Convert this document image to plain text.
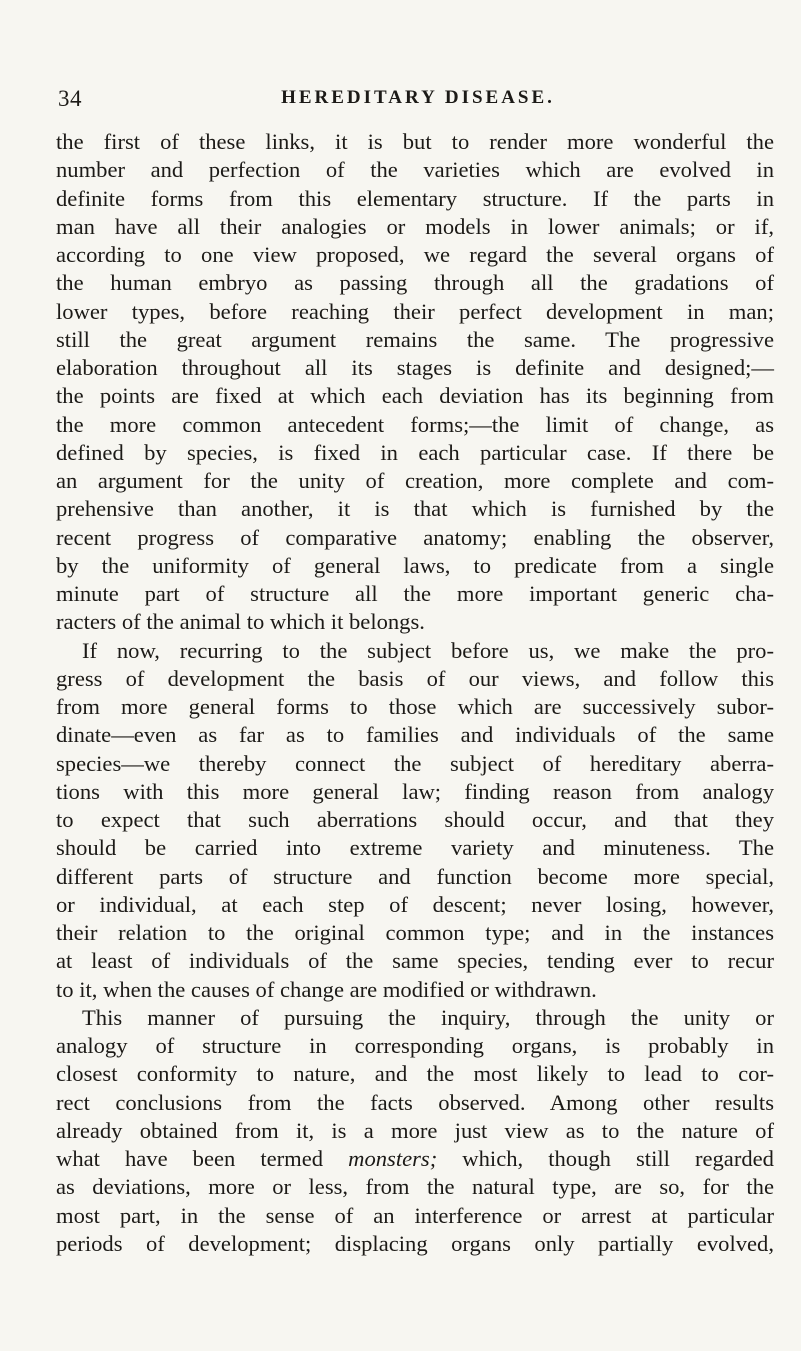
34	HEREDITARY DISEASE.

the first of these links, it is but to render more wonderful the

number and perfection of the varieties which are evolved in

definite forms from this elementary structure. If the parts in

man have all their analogies or models in lower animals; or if,

according to one view proposed, we regard the several organs of

the human embryo as passing through all the gradations of

lower types, before reaching their perfect development in man;

still the great argument remains the same. The progressive

elaboration throughout all its stages is definite and designed;—

the points are fixed at which each deviation has its beginning from

the more common antecedent forms;—the limit of change, as

defined by species, is fixed in each particular case. If there be

an argument for the unity of creation, more complete and com-

prehensive than another, it is that which is furnished by the

recent progress of comparative anatomy; enabling the observer,

by the uniformity of general laws, to predicate from a single

minute part of structure all the more important generic cha-

racters of the animal to which it belongs.

If now, recurring to the subject before us, we make the pro-

gress of development the basis of our views, and follow this

from more general forms to those which are successively subor-

dinate—even as far as to families and individuals of the same

species—we thereby connect the subject of hereditary aberra-

tions with this more general law; finding reason from analogy

to expect that such aberrations should occur, and that they

should be carried into extreme variety and minuteness. The

different parts of structure and function become more special,

or individual, at each step of descent; never losing, however,

their relation to the original common type; and in the instances

at least of individuals of the same species, tending ever to recur

to it, when the causes of change are modified or withdrawn.

This manner of pursuing the inquiry, through the unity or

analogy of structure in corresponding organs, is probably in

closest conformity to nature, and the most likely to lead to cor-

rect conclusions from the facts observed. Among other results

already obtained from it, is a more just view as to the nature of

what have been termed monsters; which, though still regarded

as deviations, more or less, from the natural type, are so, for the

most part, in the sense of an interference or arrest at particular

periods of development; displacing organs only partially evolved,
